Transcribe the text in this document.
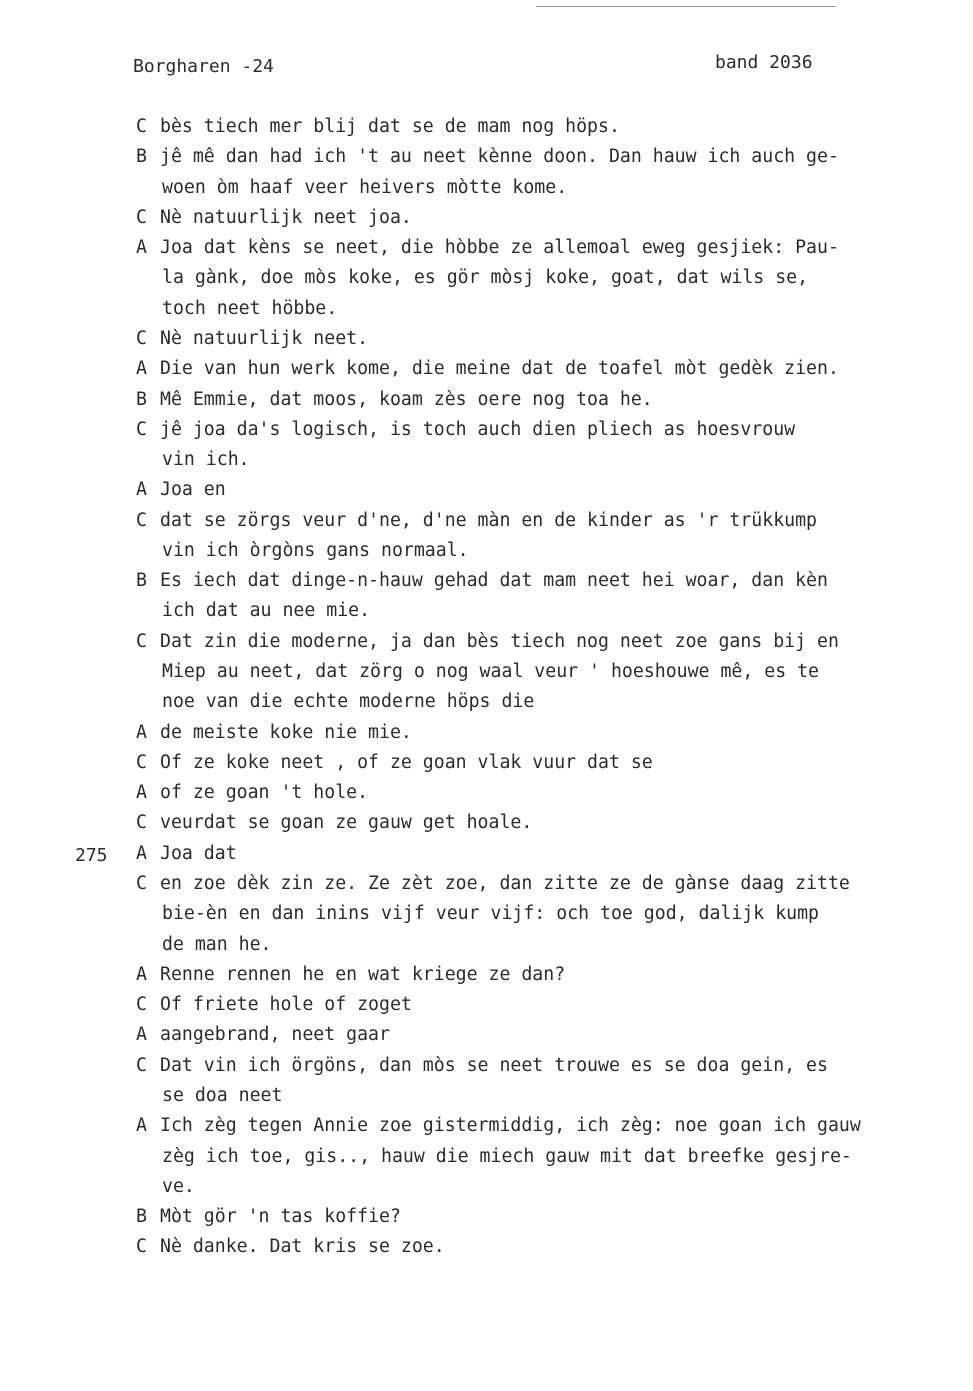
Borgharen -24	band 2036
275
C bès tiech mer blij dat se de mam nog höps.
B jê mê dan had ich 't au neet kènne doon. Dan hauw ich auch ge-
woen òm haaf veer heivers mòtte kome.
C Nè natuurlijk neet joa.
A Joa dat kèns se neet, die hòbbe ze allemoal eweg gesjiek: Pau-
la gànk, doe mòs koke, es gör mòsj koke, goat, dat wils se,
toch neet höbbe.
C Nè natuurlijk neet.
A Die van hun werk kome, die meine dat de toafel mòt gedèk zien.
B Mê Emmie, dat moos, koam zès oere nog toa he.
C jê joa da's logisch, is toch auch dien pliech as hoesvrouw
vin ich.
A Joa en
C dat se zörgs veur d'ne, d'ne màn en de kinder as 'r trükkump
vin ich òrgòns gans normaal.
B Es iech dat dinge-n-hauw gehad dat mam neet hei woar, dan kèn
ich dat au nee mie.
C Dat zin die moderne, ja dan bès tiech nog neet zoe gans bij en
Miep au neet, dat zörg o nog waal veur ' hoeshouwe mê, es te
noe van die echte moderne höps die
A de meiste koke nie mie.
C Of ze koke neet , of ze goan vlak vuur dat se
A of ze goan 't hole.
C veurdat se goan ze gauw get hoale.
A Joa dat
C en zoe dèk zin ze. Ze zèt zoe, dan zitte ze de gànse daag zitte
bie-èn en dan inins vijf veur vijf: och toe god, dalijk kump
de man he.
A Renne rennen he en wat kriege ze dan?
C Of friete hole of zoget
A aangebrand, neet gaar
C Dat vin ich örgöns, dan mòs se neet trouwe es se doa gein, es
se doa neet
A Ich zèg tegen Annie zoe gistermiddig, ich zèg: noe goan ich gauw
zèg ich toe, gis.., hauw die miech gauw mit dat breefke gesjre-
ve.
B Mòt gör 'n tas koffie?
C Nè danke. Dat kris se zoe.
